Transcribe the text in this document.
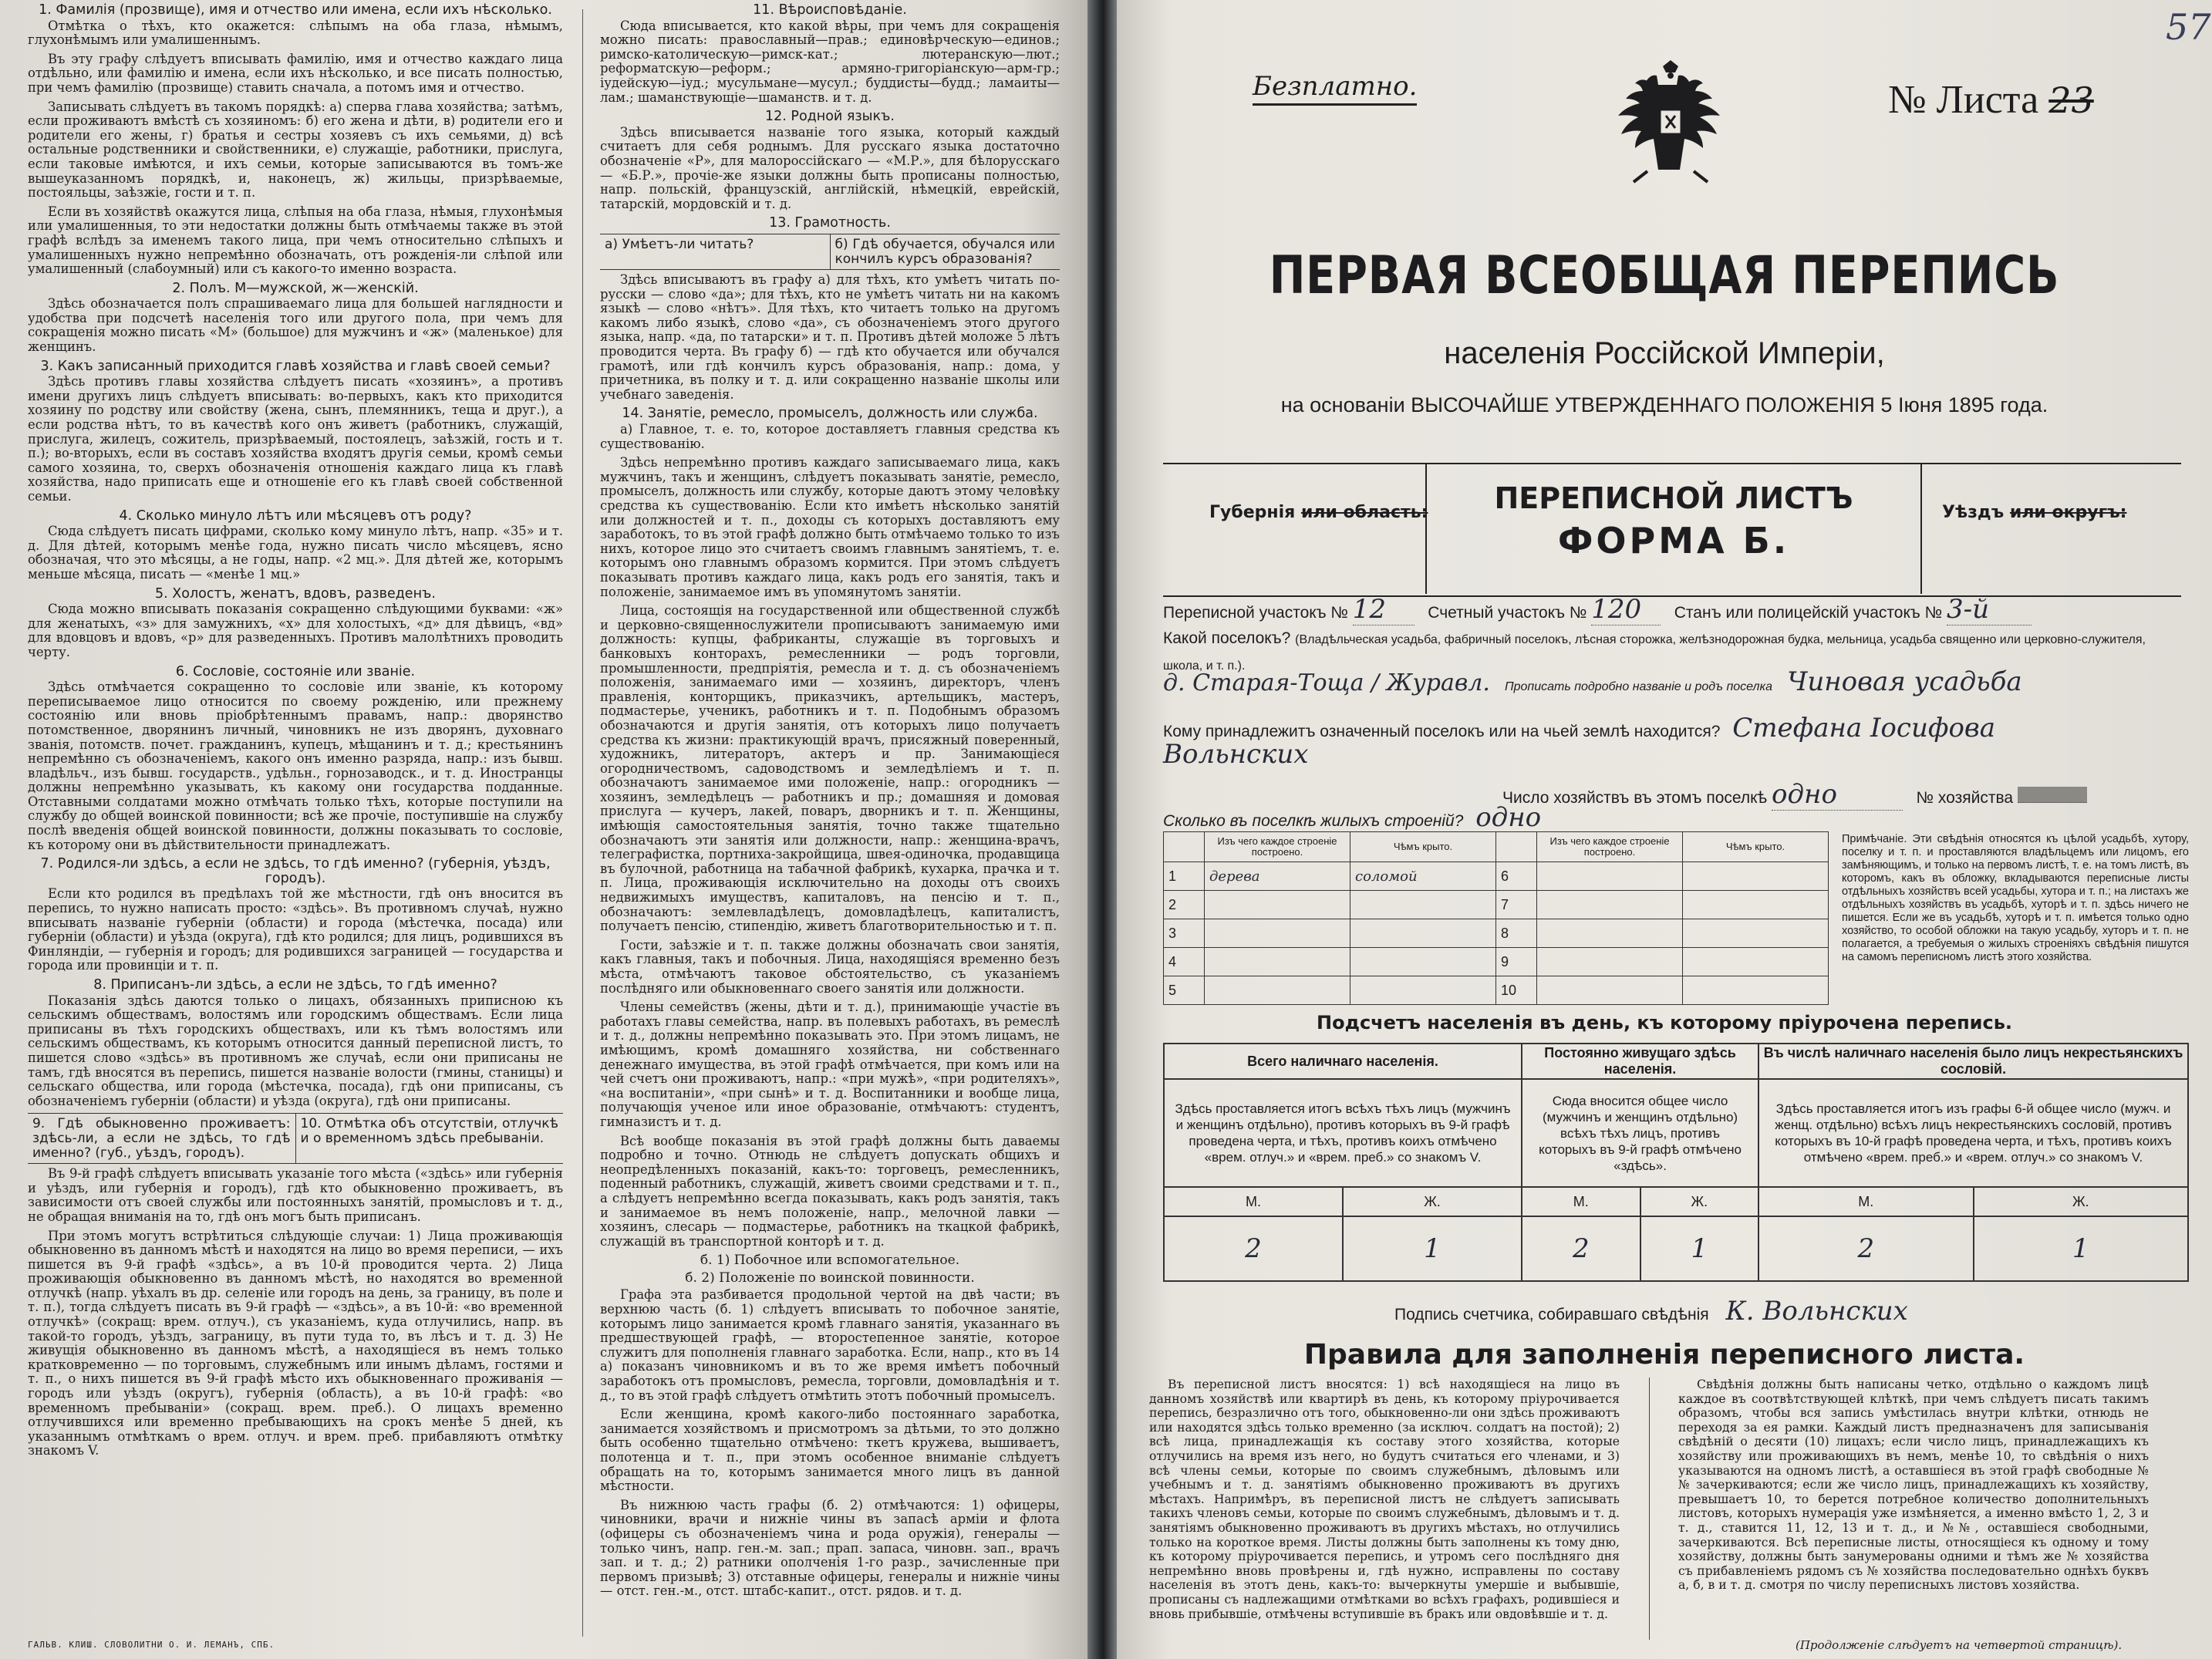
1. Фамилія (прозвище), имя и отчество или имена, если ихъ нѣсколько.

Отмѣтка о тѣхъ, кто окажется: слѣпымъ на оба глаза, нѣмымъ, глухонѣмымъ или умалишеннымъ.

Въ эту графу слѣдуетъ вписывать фамилію, имя и отчество каждаго лица отдѣльно, или фамилію и имена, если ихъ нѣсколько, и все писать полностью, при чемъ фамилію (прозвище) ставить сначала, а потомъ имя и отчество.

Записывать слѣдуетъ въ такомъ порядкѣ: а) сперва глава хозяйства; затѣмъ, если проживаютъ вмѣстѣ съ хозяиномъ: б) его жена и дѣти, в) родители его и родители его жены, г) братья и сестры хозяевъ съ ихъ семьями, д) всѣ остальные родственники и свойственники, е) служащіе, работники, прислуга, если таковые имѣются, и ихъ семьи, которые записываются въ томъ-же вышеуказанномъ порядкѣ, и, наконецъ, ж) жильцы, призрѣваемые, постояльцы, заѣзжіе, гости и т. п.

Если въ хозяйствѣ окажутся лица, слѣпыя на оба глаза, нѣмыя, глухонѣмыя или умалишенныя, то эти недостатки должны быть отмѣчаемы также въ этой графѣ вслѣдъ за именемъ такого лица, при чемъ относительно слѣпыхъ и умалишенныхъ нужно непремѣнно обозначать, отъ рожденія-ли слѣпой или умалишенный (слабоумный) или съ какого-то именно возраста.

2. Полъ. М—мужской, ж—женскій.

Здѣсь обозначается полъ спрашиваемаго лица для большей наглядности и удобства при подсчетѣ населенія того или другого пола, при чемъ для сокращенія можно писать «М» (большое) для мужчинъ и «ж» (маленькое) для женщинъ.

3. Какъ записанный приходится главѣ хозяйства и главѣ своей семьи?

Здѣсь противъ главы хозяйства слѣдуетъ писать «хозяинъ», а противъ имени другихъ лицъ слѣдуетъ вписывать: во-первыхъ, какъ кто приходится хозяину по родству или свойству (жена, сынъ, племянникъ, теща и друг.), а если родства нѣтъ, то въ качествѣ кого онъ живетъ (работникъ, служащій, прислуга, жилецъ, сожитель, призрѣваемый, постоялецъ, заѣзжій, гость и т. п.); во-вторыхъ, если въ составъ хозяйства входятъ другія семьи, кромѣ семьи самого хозяина, то, сверхъ обозначенія отношенія каждаго лица къ главѣ хозяйства, надо приписать еще и отношеніе его къ главѣ своей собственной семьи.

4. Сколько минуло лѣтъ или мѣсяцевъ отъ роду?

Сюда слѣдуетъ писать цифрами, сколько кому минуло лѣтъ, напр. «35» и т. д. Для дѣтей, которымъ менѣе года, нужно писать число мѣсяцевъ, ясно обозначая, что это мѣсяцы, а не годы, напр. «2 мц.». Для дѣтей же, которымъ меньше мѣсяца, писать — «менѣе 1 мц.»

5. Холостъ, женатъ, вдовъ, разведенъ.

Сюда можно вписывать показанія сокращенно слѣдующими буквами: «ж» для женатыхъ, «з» для замужнихъ, «х» для холостыхъ, «д» для дѣвицъ, «вд» для вдовцовъ и вдовъ, «р» для разведенныхъ. Противъ малолѣтнихъ проводить черту.

6. Сословіе, состояніе или званіе.

Здѣсь отмѣчается сокращенно то сословіе или званіе, къ которому переписываемое лицо относится по своему рожденію, или прежнему состоянію или вновь пріобрѣтеннымъ правамъ, напр.: дворянство потомственное, дворянинъ личный, чиновникъ не изъ дворянъ, духовнаго званія, потомств. почет. гражданинъ, купецъ, мѣщанинъ и т. д.; крестьянинъ непремѣнно съ обозначеніемъ, какого онъ именно разряда, напр.: изъ бывш. владѣльч., изъ бывш. государств., удѣльн., горнозаводск., и т. д. Иностранцы должны непремѣнно указывать, къ какому они государства подданные. Отставными солдатами можно отмѣчать только тѣхъ, которые поступили на службу до общей воинской повинности; всѣ же прочіе, поступившіе на службу послѣ введенія общей воинской повинности, должны показывать то сословіе, къ которому они въ дѣйствительности принадлежатъ.

7. Родился-ли здѣсь, а если не здѣсь, то гдѣ именно? (губернія, уѣздъ, городъ).

Если кто родился въ предѣлахъ той же мѣстности, гдѣ онъ вносится въ перепись, то нужно написать просто: «здѣсь». Въ противномъ случаѣ, нужно вписывать названіе губерніи (области) и города (мѣстечка, посада) или губерніи (области) и уѣзда (округа), гдѣ кто родился; для лицъ, родившихся въ Финляндіи, — губернія и городъ; для родившихся заграницей — государства и города или провинціи и т. п.

8. Приписанъ-ли здѣсь, а если не здѣсь, то гдѣ именно?

Показанія здѣсь даются только о лицахъ, обязанныхъ приписною къ сельскимъ обществамъ, волостямъ или городскимъ обществамъ. Если лица приписаны въ тѣхъ городскихъ обществахъ, или къ тѣмъ волостямъ или сельскимъ обществамъ, къ которымъ относится данный переписной листъ, то пишется слово «здѣсь» въ противномъ же случаѣ, если они приписаны не тамъ, гдѣ вносятся въ перепись, пишется названіе волости (гмины, станицы) и сельскаго общества, или города (мѣстечка, посада), гдѣ они приписаны, съ обозначеніемъ губерніи (области) и уѣзда (округа), гдѣ они приписаны.

9. Гдѣ обыкновенно проживаетъ: здѣсь-ли, а если не здѣсь, то гдѣ именно? (губ., уѣздъ, городъ).
10. Отмѣтка объ отсутствіи, отлучкѣ и о временномъ здѣсь пребываніи.

Въ 9-й графѣ слѣдуетъ вписывать указаніе того мѣста («здѣсь» или губернія и уѣздъ, или губернія и городъ), гдѣ кто обыкновенно проживаетъ, въ зависимости отъ своей службы или постоянныхъ занятій, промысловъ и т. д., не обращая вниманія на то, гдѣ онъ могъ быть приписанъ.

При этомъ могутъ встрѣтиться слѣдующіе случаи: 1) Лица проживающія обыкновенно въ данномъ мѣстѣ и находятся на лицо во время переписи, — ихъ пишется въ 9-й графѣ «здѣсь», а въ 10-й проводится черта. 2) Лица проживающія обыкновенно въ данномъ мѣстѣ, но находятся во временной отлучкѣ (напр. уѣхалъ въ др. селеніе или городъ на день, за границу, въ поле и т. п.), тогда слѣдуетъ писать въ 9-й графѣ — «здѣсь», а въ 10-й: «во временной отлучкѣ» (сокращ: врем. отлуч.), съ указаніемъ, куда отлучились, напр. въ такой-то городъ, уѣздъ, заграницу, въ пути тудa то, въ лѣсъ и т. д. 3) Не живущія обыкновенно въ данномъ мѣстѣ, а находящіеся въ немъ только кратковременно — по торговымъ, служебнымъ или инымъ дѣламъ, гостями и т. п., о нихъ пишется въ 9-й графѣ мѣсто ихъ обыкновеннаго проживанія — городъ или уѣздъ (округъ), губернія (область), а въ 10-й графѣ: «во временномъ пребываніи» (сокращ. врем. преб.). О лицахъ временно отлучившихся или временно пребывающихъ на срокъ менѣе 5 дней, къ указаннымъ отмѣткамъ о врем. отлуч. и врем. преб. прибавляютъ отмѣтку знакомъ V.

11. Вѣроисповѣданіе.

Сюда вписывается, кто какой вѣры, при чемъ для сокращенія можно писать: православный—прав.; единовѣрческую—единов.; римско-католическую—римск-кат.; лютеранскую—лют.; реформатскую—реформ.; армяно-григоріанскую—арм-гр.; іудейскую—іуд.; мусульмане—мусул.; буддисты—будд.; ламаиты—лам.; шаманствующіе—шаманств. и т. д.

12. Родной языкъ.

Здѣсь вписывается названіе того языка, который каждый считаетъ для себя роднымъ. Для русскаго языка достаточно обозначеніе «Р», для малороссійскаго — «М.Р.», для бѣлорусскаго — «Б.Р.», прочіе-же языки должны быть прописаны полностью, напр. польскій, французскій, англійскій, нѣмецкій, еврейскій, татарскій, мордовскій и т. д.

13. Грамотность.
а) Умѣетъ-ли читать?	б) Гдѣ обучается, обучался или кончилъ курсъ образованія?

Здѣсь вписываютъ въ графу а) для тѣхъ, кто умѣетъ читать по-русски — слово «да»; для тѣхъ, кто не умѣетъ читать ни на какомъ языкѣ — слово «нѣтъ». Для тѣхъ, кто читаетъ только на другомъ какомъ либо языкѣ, слово «да», съ обозначеніемъ этого другого языка, напр. «да, по татарски» и т. п. Противъ дѣтей моложе 5 лѣтъ проводится черта. Въ графу б) — гдѣ кто обучается или обучался грамотѣ, или гдѣ кончилъ курсъ образованія, напр.: дома, у причетника, въ полку и т. д. или сокращенно названіе школы или учебнаго заведенія.

14. Занятіе, ремесло, промыселъ, должность или служба.

а) Главное, т. е. то, которое доставляетъ главныя средства къ существованію.

Здѣсь непремѣнно противъ каждаго записываемаго лица, какъ мужчинъ, такъ и женщинъ, слѣдуетъ показывать занятіе, ремесло, промыселъ, должность или службу, которые даютъ этому человѣку средства къ существованію. Если кто имѣетъ нѣсколько занятій или должностей и т. п., доходы съ которыхъ доставляютъ ему заработокъ, то въ этой графѣ должно быть отмѣчаемо только то изъ нихъ, которое лицо это считаетъ своимъ главнымъ занятіемъ, т. е. которымъ оно главнымъ образомъ кормится. При этомъ слѣдуетъ показывать противъ каждаго лица, какъ родъ его занятія, такъ и положеніе, занимаемое имъ въ упомянутомъ занятіи.

Лица, состоящія на государственной или общественной службѣ и церковно-священнослужители прописываютъ занимаемую ими должность: купцы, фабриканты, служащіе въ торговыхъ и банковыхъ конторахъ, ремесленники — родъ торговли, промышленности, предпріятія, ремесла и т. д. съ обозначеніемъ положенія, занимаемаго ими — хозяинъ, директоръ, членъ правленія, конторщикъ, приказчикъ, артельщикъ, мастеръ, подмастерье, ученикъ, работникъ и т. п. Подобнымъ образомъ обозначаются и другія занятія, отъ которыхъ лицо получаетъ средства къ жизни: практикующій врачъ, присяжный поверенный, художникъ, литераторъ, актеръ и пр. Занимающіеся огородничествомъ, садоводствомъ и земледѣліемъ и т. п. обозначаютъ занимаемое ими положеніе, напр.: огородникъ — хозяинъ, земледѣлецъ — работникъ и пр.; домашняя и домовая прислуга — кучеръ, лакей, поваръ, дворникъ и т. п. Женщины, имѣющія самостоятельныя занятія, точно также тщательно обозначаютъ эти занятія или должности, напр.: женщина-врачъ, телеграфистка, портниха-закройщица, швея-одиночка, продавщица въ булочной, работница на табачной фабрикѣ, кухарка, прачка и т. п. Лица, проживающія исключительно на доходы отъ своихъ недвижимыхъ имуществъ, капиталовъ, на пенсію и т. п., обозначаютъ: землевладѣлецъ, домовладѣлецъ, капиталистъ, получаетъ пенсію, стипендію, живетъ благотворительностью и т. п.

Гости, заѣзжіе и т. п. также должны обозначать свои занятія, какъ главныя, такъ и побочныя. Лица, находящіяся временно безъ мѣста, отмѣчаютъ таковое обстоятельство, съ указаніемъ послѣдняго или обыкновеннаго своего занятія или должности.

Члены семействъ (жены, дѣти и т. д.), принимающіе участіе въ работахъ главы семейства, напр. въ полевыхъ работахъ, въ ремеслѣ и т. д., должны непремѣнно показывать это. При этомъ лицамъ, не имѣющимъ, кромѣ домашняго хозяйства, ни собственнаго денежнаго имущества, въ этой графѣ отмѣчается, при комъ или на чей счетъ они проживаютъ, напр.: «при мужѣ», «при родителяхъ», «на воспитаніи», «при сынѣ» и т. д. Воспитанники и вообще лица, получающія ученое или иное образованіе, отмѣчаютъ: студентъ, гимназистъ и т. д.

Всѣ вообще показанія въ этой графѣ должны быть даваемы подробно и точно. Отнюдь не слѣдуетъ допускать общихъ и неопредѣленныхъ показаній, какъ-то: торговецъ, ремесленникъ, поденный работникъ, служащій, живетъ своими средствами и т. п., а слѣдуетъ непремѣнно всегда показывать, какъ родъ занятія, такъ и занимаемое въ немъ положеніе, напр., мелочной лавки — хозяинъ, слесарь — подмастерье, работникъ на ткацкой фабрикѣ, служащій въ транспортной конторѣ и т. д.

б. 1) Побочное или вспомогательное.
б. 2) Положеніе по воинской повинности.

Графа эта разбивается продольной чертой на двѣ части; въ верхнюю часть (б. 1) слѣдуетъ вписывать то побочное занятіе, которымъ лицо занимается кромѣ главнаго занятія, указаннаго въ предшествующей графѣ, — второстепенное занятіе, которое служитъ для пополненія главнаго заработка. Если, напр., кто въ 14 а) показанъ чиновникомъ и въ то же время имѣетъ побочный заработокъ отъ промысловъ, ремесла, торговли, домовладѣнія и т. д., то въ этой графѣ слѣдуетъ отмѣтить этотъ побочный промыселъ.

Если женщина, кромѣ какого-либо постояннаго заработка, занимается хозяйствомъ и присмотромъ за дѣтьми, то это должно быть особенно тщательно отмѣчено: ткетъ кружева, вышиваетъ, полотенца и т. п., при этомъ особенное вниманіе слѣдуетъ обращать на то, которымъ занимается много лицъ въ данной мѣстности.

Въ нижнюю часть графы (б. 2) отмѣчаются: 1) офицеры, чиновники, врачи и нижніе чины въ запасѣ арміи и флота (офицеры съ обозначеніемъ чина и рода оружія), генералы — только чинъ, напр. ген.-м. зап.; прап. запаса, чиновн. зап., врачъ зап. и т. д.; 2) ратники ополченія 1-го разр., зачисленные при первомъ призывѣ; 3) отставные офицеры, генералы и нижніе чины — отст. ген.-м., отст. штабс-капит., отст. рядов. и т. д.

ГАЛЬВ. КЛИШ. СЛОВОЛИТНИ О. И. ЛЕМАНЪ, СПБ.
57
Безплатно.	№ Листа 23
ПЕРВАЯ ВСЕОБЩАЯ ПЕРЕПИСЬ
населенія Россійской Имперіи,
на основаніи ВЫСОЧАЙШЕ УТВЕРЖДЕННАГО ПОЛОЖЕНІЯ 5 Іюня 1895 года.
Губернія или область:	ПЕРЕПИСНОЙ ЛИСТЪ
ФОРМА Б.
Уѣздъ или округъ:
Переписной участокъ № 12	Счетный участокъ № 120 Станъ или полицейскій участокъ № 3-й
Какой поселокъ? (Владѣльческая усадьба, фабричный поселокъ, лѣсная сторожка, желѣзнодорожная будка, мельница, усадьба священно или церковно-служителя, школа, и т. п.).
д. Старая-Тоща / Журавл. Прописать подробно названіе и родъ поселка Чиновая усадьба
Кому принадлежитъ означенный поселокъ или на чьей землѣ находится? Стефана Іосифова
Вольнских
Число хозяйствъ въ этомъ поселкѣ одно	№ хозяйства
Сколько въ поселкѣ жилыхъ строеній? одно
	Изъ чего каждое строеніе построено.	Чѣмъ крыто.		Изъ чего каждое строеніе построено.	Чѣмъ крыто.
1	дерева	соломой	6		
2			7		
3			8		
4			9		
5			10		
Примѣчаніе. Эти свѣдѣнія относятся къ цѣлой усадьбѣ, хутору, поселку и т. п. и проставляются владѣльцемъ или лицомъ, его замѣняющимъ, и только на первомъ листѣ, т. е. на томъ листѣ, въ которомъ, какъ въ обложку, вкладываются переписные листы отдѣльныхъ хозяйствъ всей усадьбы, хутора и т. п.; на листахъ же отдѣльныхъ хозяйствъ въ усадьбѣ, хуторѣ и т. п. здѣсь ничего не пишется. Если же въ усадьбѣ, хуторѣ и т. п. имѣется только одно хозяйство, то особой обложки на такую усадьбу, хуторъ и т. п. не полагается, а требуемыя о жилыхъ строеніяхъ свѣдѣнія пишутся на самомъ переписномъ листѣ этого хозяйства.
Подсчетъ населенія въ день, къ которому пріурочена перепись.
Всего наличнаго населенія.		Постоянно живущаго здѣсь населенія.		Въ числѣ наличнаго населенія было лицъ некрестьянскихъ сословій.	
Здѣсь проставляется итогъ всѣхъ тѣхъ лицъ (мужчинъ и женщинъ отдѣльно), противъ которыхъ въ 9-й графѣ проведена черта, и тѣхъ, противъ коихъ отмѣчено «врем. отлуч.» и «врем. преб.» со знакомъ V.		Сюда вносится общее число (мужчинъ и женщинъ отдѣльно) всѣхъ тѣхъ лицъ, противъ которыхъ въ 9-й графѣ отмѣчено «здѣсь».		Здѣсь проставляется итогъ изъ графы 6-й общее число (мужч. и женщ. отдѣльно) всѣхъ лицъ некрестьянскихъ сословій, противъ которыхъ въ 10-й графѣ проведена черта, и тѣхъ, противъ коихъ отмѣчено «врем. преб.» и «врем. отлуч.» со знакомъ V.	
М.	Ж.	М.	Ж.	М.	Ж.
2	1	2	1	2	1
Подпись счетчика, собиравшаго свѣдѣнія К. Вольнских
Правила для заполненія переписного листа.

Въ переписной листъ вносятся: 1) всѣ находящіеся на лицо въ данномъ хозяйствѣ или квартирѣ въ день, къ которому пріурочивается перепись, безразлично отъ того, обыкновенно-ли они здѣсь проживаютъ или находятся здѣсь только временно (за исключ. солдатъ на постой); 2) всѣ лица, принадлежащія къ составу этого хозяйства, которые отлучились на время изъ него, но будутъ считаться его членами, и 3) всѣ члены семьи, которые по своимъ служебнымъ, дѣловымъ или учебнымъ и т. д. занятіямъ обыкновенно проживаютъ въ другихъ мѣстахъ. Напримѣръ, въ переписной листъ не слѣдуетъ записывать такихъ членовъ семьи, которые по своимъ служебнымъ, дѣловымъ и т. д. занятіямъ обыкновенно проживаютъ въ другихъ мѣстахъ, но отлучились только на короткое время. Листы должны быть заполнены къ тому дню, къ которому пріурочивается перепись, и утромъ сего послѣдняго дня непремѣнно вновь провѣрены и, гдѣ нужно, исправлены по составу населенія въ этотъ день, какъ-то: вычеркнуты умершіе и выбывшіе, прописаны съ надлежащими отмѣтками во всѣхъ графахъ, родившіеся и вновь прибывшіе, отмѣчены вступившіе въ бракъ или овдовѣвшіе и т. д.

Свѣдѣнія должны быть написаны четко, отдѣльно о каждомъ лицѣ каждое въ соотвѣтствующей клѣткѣ, при чемъ слѣдуетъ писать такимъ образомъ, чтобы вся запись умѣстилась внутри клѣтки, отнюдь не переходя за ея рамки. Каждый листъ предназначенъ для записыванія свѣдѣній о десяти (10) лицахъ; если число лицъ, принадлежащихъ къ хозяйству или проживающихъ въ немъ, менѣе 10, то свѣдѣнія о нихъ указываются на одномъ листѣ, а оставшіеся въ этой графѣ свободные №№ зачеркиваются; если же число лицъ, принадлежащихъ къ хозяйству, превышаетъ 10, то берется потребное количество дополнительныхъ листовъ, которыхъ нумерація уже измѣняется, а именно вмѣсто 1, 2, 3 и т. д., ставится 11, 12, 13 и т. д., и №№, оставшіеся свободными, зачеркиваются. Всѣ переписные листы, относящіеся къ одному и тому хозяйству, должны быть занумерованы одними и тѣмъ же № хозяйства съ прибавленіемъ рядомъ съ № хозяйства последовательно однѣхъ буквъ а, б, в и т. д. смотря по числу переписныхъ листовъ хозяйства.

(Продолженіе слѣдуетъ на четвертой страницѣ).
